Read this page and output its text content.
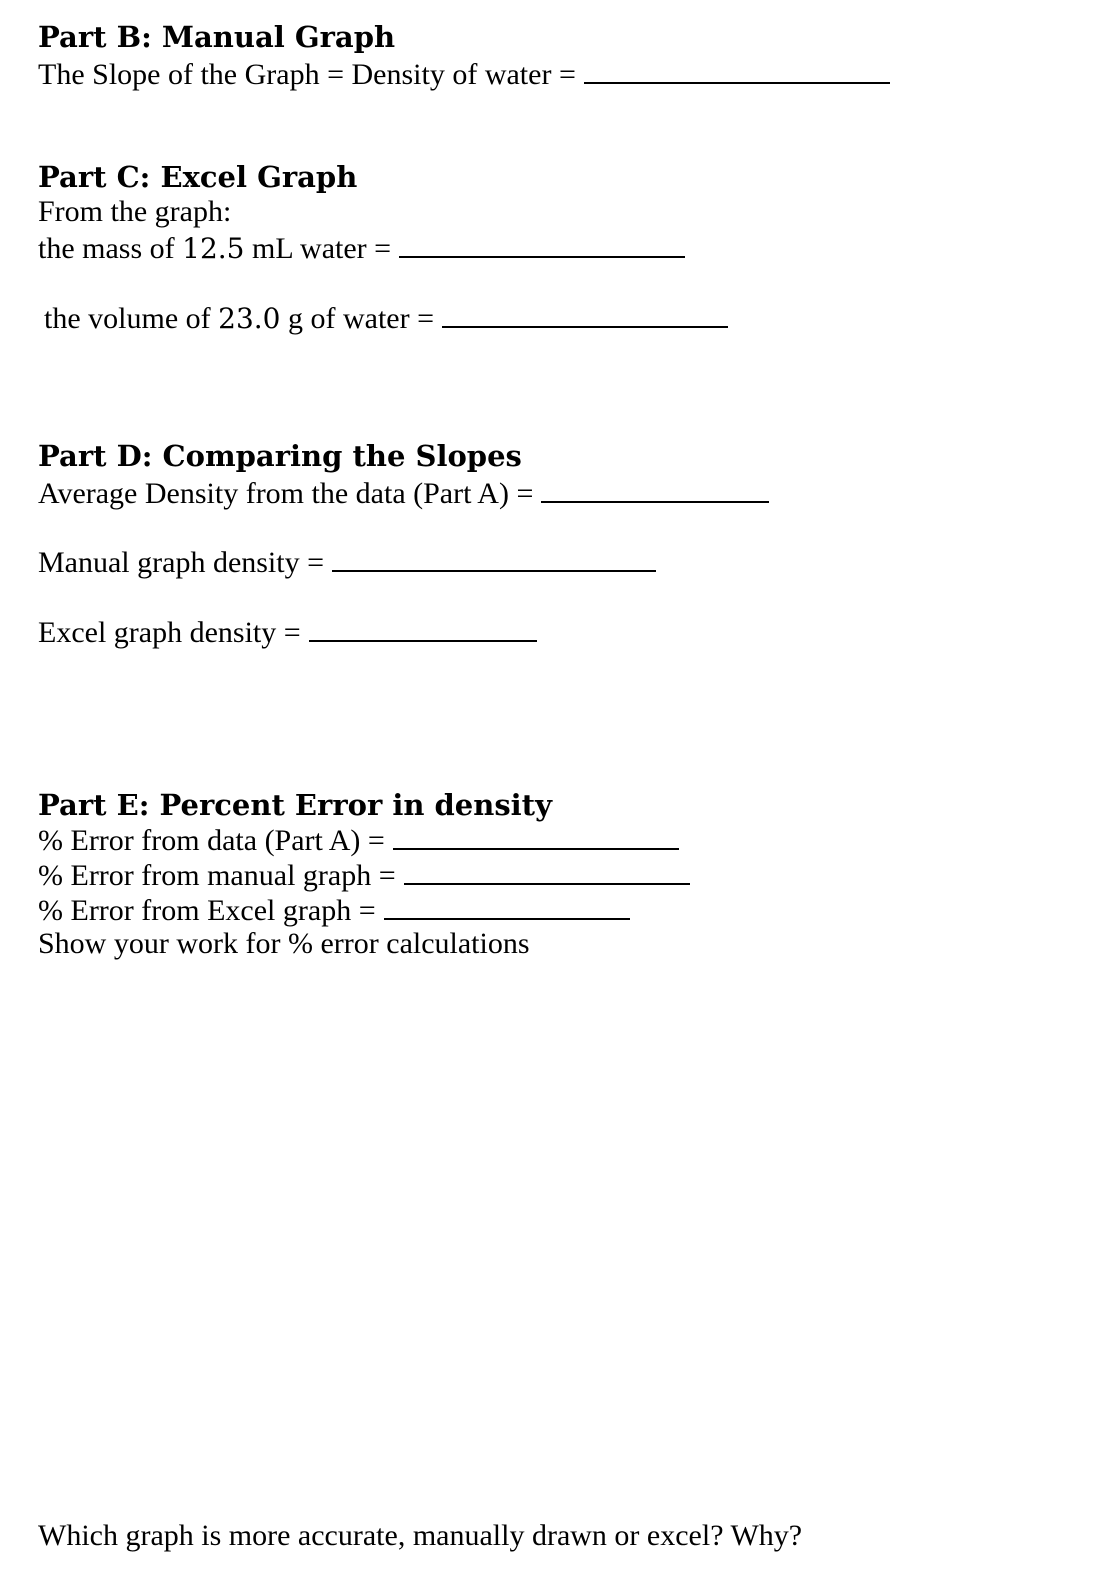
Part B: Manual Graph
The Slope of the Graph = Density of water =
Part C: Excel Graph
From the graph:
the mass of 12.5 mL water =
the volume of 23.0 g of water =
Part D: Comparing the Slopes
Average Density from the data (Part A) =
Manual graph density =
Excel graph density =
Part E: Percent Error in density
% Error from data (Part A) =
% Error from manual graph =
% Error from Excel graph =
Show your work for % error calculations
Which graph is more accurate, manually drawn or excel? Why?
